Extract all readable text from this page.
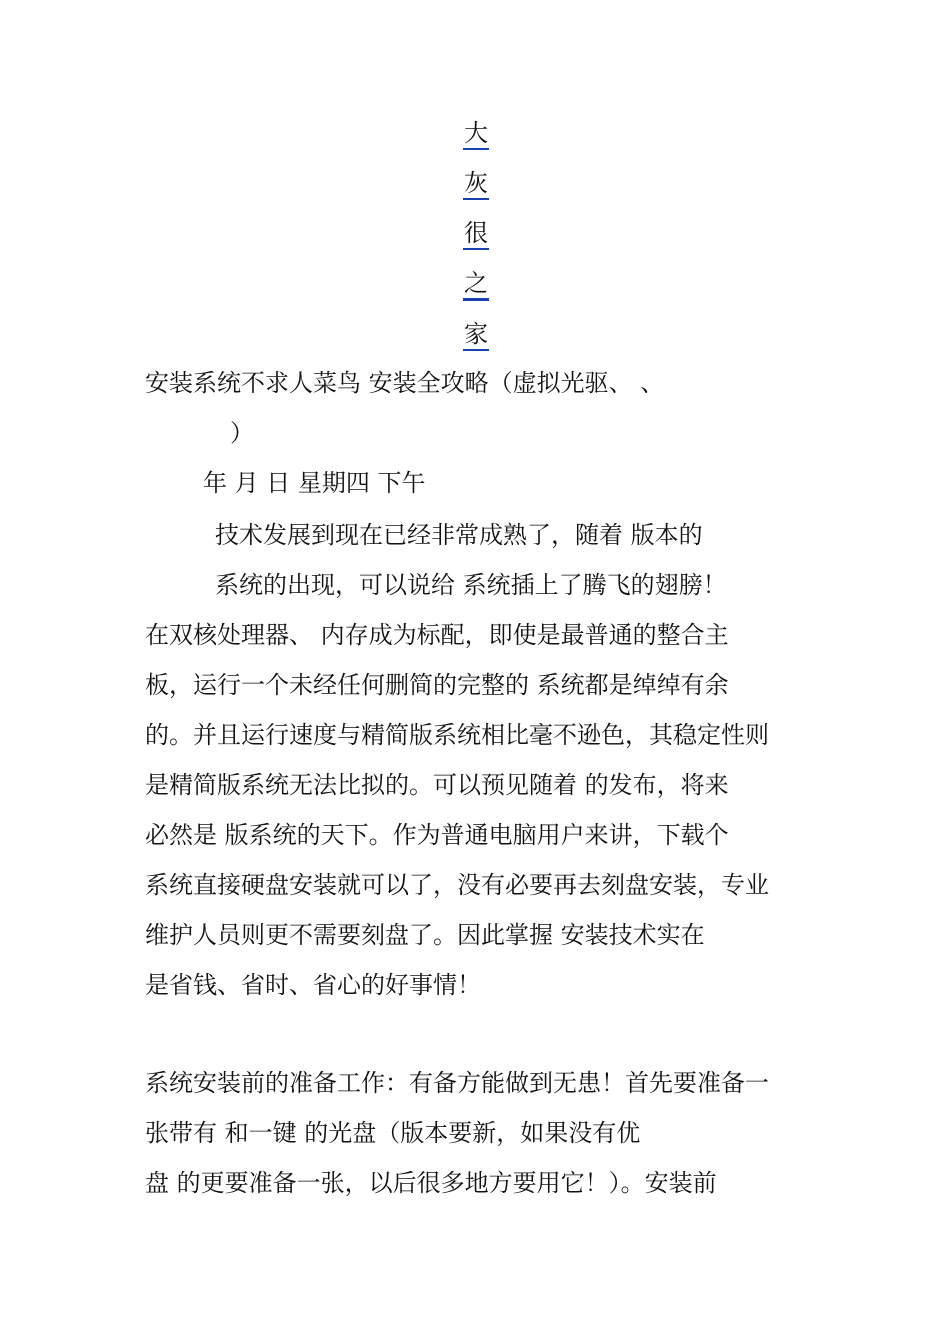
大
灰
很
之
家
安装系统不求人菜鸟 安装全攻略（虚拟光驱、 、
）
年 月 日 星期四 下午
技术发展到现在已经非常成熟了，随着 版本的
系统的出现，可以说给 系统插上了腾飞的翅膀！
在双核处理器、 内存成为标配，即使是最普通的整合主
板，运行一个未经任何删简的完整的 系统都是绰绰有余
的。并且运行速度与精简版系统相比毫不逊色，其稳定性则
是精简版系统无法比拟的。可以预见随着 的发布，将来
必然是 版系统的天下。作为普通电脑用户来讲，下载个
系统直接硬盘安装就可以了，没有必要再去刻盘安装，专业
维护人员则更不需要刻盘了。因此掌握 安装技术实在
是省钱、省时、省心的好事情！
系统安装前的准备工作：有备方能做到无患！首先要准备一
张带有 和一键 的光盘（版本要新，如果没有优
盘 的更要准备一张，以后很多地方要用它！）。安装前
